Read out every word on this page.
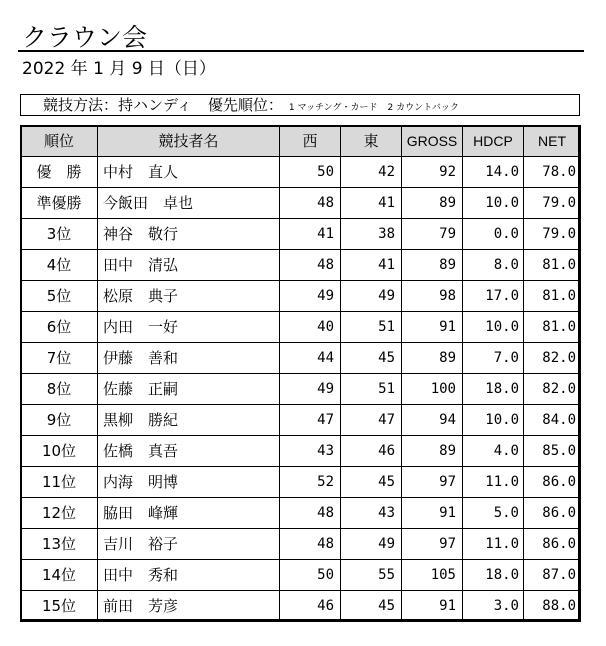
クラウン会
2022 年 1 月 9 日（日）
競技方法：持ハンディ 優先順位： 1 マッチング・カード 2 カウントバック
順位	競技者名	西	東	GROSS	HDCP	NET
優　勝	中村　直人	50	42	92	14.0	78.0
準優勝	今飯田　卓也	48	41	89	10.0	79.0
3位	神谷　敬行	41	38	79	0.0	79.0
4位	田中　清弘	48	41	89	8.0	81.0
5位	松原　典子	49	49	98	17.0	81.0
6位	内田　一好	40	51	91	10.0	81.0
7位	伊藤　善和	44	45	89	7.0	82.0
8位	佐藤　正嗣	49	51	100	18.0	82.0
9位	黒柳　勝紀	47	47	94	10.0	84.0
10位	佐橋　真吾	43	46	89	4.0	85.0
11位	内海　明博	52	45	97	11.0	86.0
12位	脇田　峰輝	48	43	91	5.0	86.0
13位	吉川　裕子	48	49	97	11.0	86.0
14位	田中　秀和	50	55	105	18.0	87.0
15位	前田　芳彦	46	45	91	3.0	88.0
